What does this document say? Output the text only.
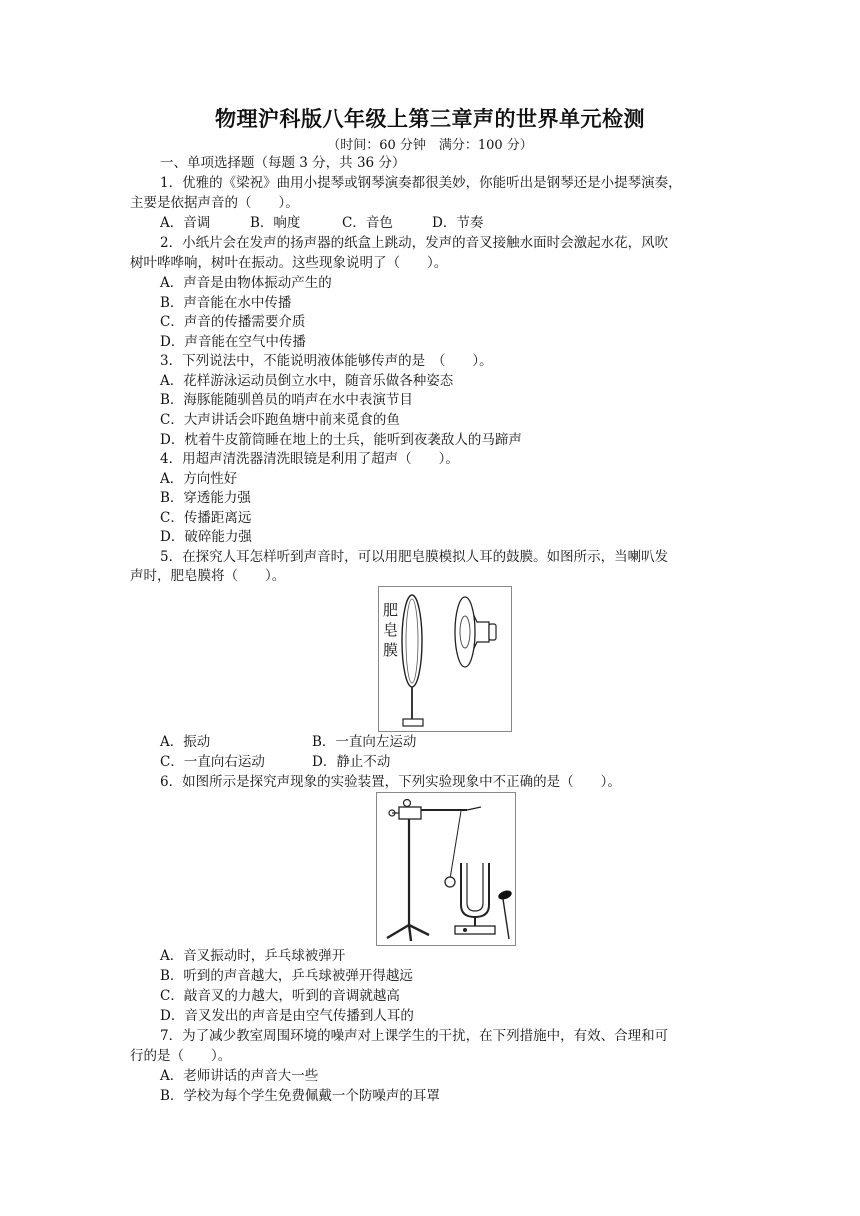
物理沪科版八年级上第三章声的世界单元检测
（时间：60 分钟　满分：100 分）
一、单项选择题（每题 3 分，共 36 分）
1．优雅的《梁祝》曲用小提琴或钢琴演奏都很美妙，你能听出是钢琴还是小提琴演奏，
主要是依据声音的（　　）。
A．音调	B．响度	C．音色	D．节奏
2．小纸片会在发声的扬声器的纸盒上跳动，发声的音叉接触水面时会激起水花，风吹
树叶哗哗响，树叶在振动。这些现象说明了（　　）。
A．声音是由物体振动产生的
B．声音能在水中传播
C．声音的传播需要介质
D．声音能在空气中传播
3．下列说法中，不能说明液体能够传声的是　（　　）。
A．花样游泳运动员倒立水中，随音乐做各种姿态
B．海豚能随驯兽员的哨声在水中表演节目
C．大声讲话会吓跑鱼塘中前来觅食的鱼
D．枕着牛皮箭筒睡在地上的士兵，能听到夜袭敌人的马蹄声
4．用超声清洗器清洗眼镜是利用了超声（　　）。
A．方向性好
B．穿透能力强
C．传播距离远
D．破碎能力强
5．在探究人耳怎样听到声音时，可以用肥皂膜模拟人耳的鼓膜。如图所示，当喇叭发
声时，肥皂膜将（　　）。
肥
皂
膜
A．振动	B．一直向左运动
C．一直向右运动	D．静止不动
6．如图所示是探究声现象的实验装置，下列实验现象中不正确的是（　　）。
A．音叉振动时，乒乓球被弹开
B．听到的声音越大，乒乓球被弹开得越远
C．敲音叉的力越大，听到的音调就越高
D．音叉发出的声音是由空气传播到人耳的
7．为了减少教室周围环境的噪声对上课学生的干扰，在下列措施中，有效、合理和可
行的是（　　）。
A．老师讲话的声音大一些
B．学校为每个学生免费佩戴一个防噪声的耳罩
